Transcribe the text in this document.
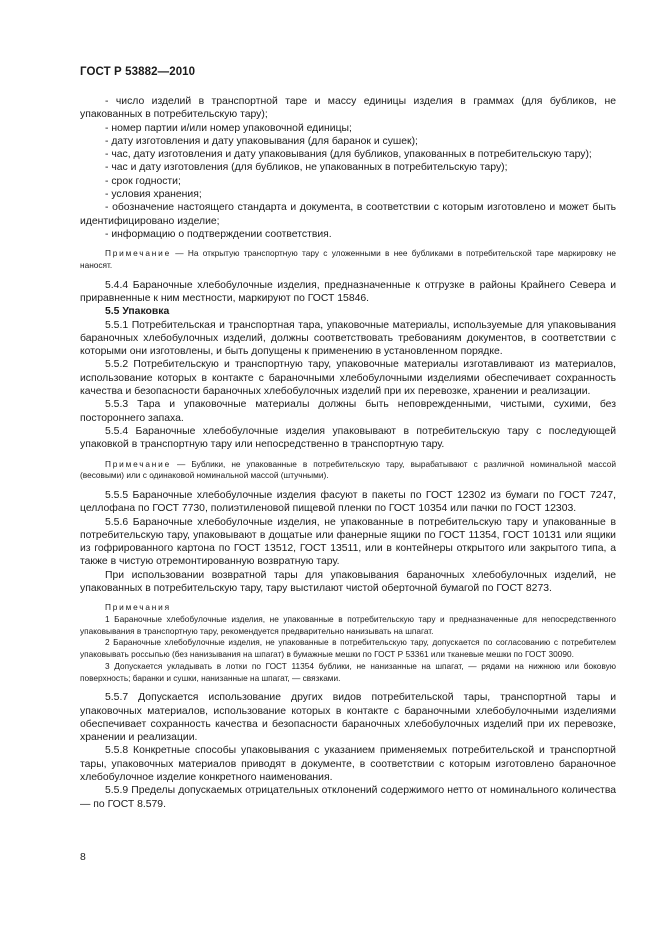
ГОСТ Р 53882—2010

- число изделий в транспортной таре и массу единицы изделия в граммах (для бубликов, не упакованных в потребительскую тару);

- номер партии и/или номер упаковочной единицы;

- дату изготовления и дату упаковывания (для баранок и сушек);

- час, дату изготовления и дату упаковывания (для бубликов, упакованных в потребительскую тару);

- час и дату изготовления (для бубликов, не упакованных в потребительскую тару);

- срок годности;

- условия хранения;

- обозначение настоящего стандарта и документа, в соответствии с которым изготовлено и может быть идентифицировано изделие;

- информацию о подтверждении соответствия.

Примечание — На открытую транспортную тару с уложенными в нее бубликами в потребительской таре маркировку не наносят.

5.4.4 Бараночные хлебобулочные изделия, предназначенные к отгрузке в районы Крайнего Севера и приравненные к ним местности, маркируют по ГОСТ 15846.

5.5 Упаковка

5.5.1 Потребительская и транспортная тара, упаковочные материалы, используемые для упаковывания бараночных хлебобулочных изделий, должны соответствовать требованиям документов, в соответствии с которыми они изготовлены, и быть допущены к применению в установленном порядке.

5.5.2 Потребительскую и транспортную тару, упаковочные материалы изготавливают из материалов, использование которых в контакте с бараночными хлебобулочными изделиями обеспечивает сохранность качества и безопасности бараночных хлебобулочных изделий при их перевозке, хранении и реализации.

5.5.3 Тара и упаковочные материалы должны быть неповрежденными, чистыми, сухими, без постороннего запаха.

5.5.4 Бараночные хлебобулочные изделия упаковывают в потребительскую тару с последующей упаковкой в транспортную тару или непосредственно в транспортную тару.

Примечание — Бублики, не упакованные в потребительскую тару, вырабатывают с различной номинальной массой (весовыми) или с одинаковой номинальной массой (штучными).

5.5.5 Бараночные хлебобулочные изделия фасуют в пакеты по ГОСТ 12302 из бумаги по ГОСТ 7247, целлофана по ГОСТ 7730, полиэтиленовой пищевой пленки по ГОСТ 10354 или пачки по ГОСТ 12303.

5.5.6 Бараночные хлебобулочные изделия, не упакованные в потребительскую тару и упакованные в потребительскую тару, упаковывают в дощатые или фанерные ящики по ГОСТ 11354, ГОСТ 10131 или ящики из гофрированного картона по ГОСТ 13512, ГОСТ 13511, или в контейнеры открытого или закрытого типа, а также в чистую отремонтированную возвратную тару.

При использовании возвратной тары для упаковывания бараночных хлебобулочных изделий, не упакованных в потребительскую тару, тару выстилают чистой оберточной бумагой по ГОСТ 8273.

Примечания

1 Бараночные хлебобулочные изделия, не упакованные в потребительскую тару и предназначенные для непосредственного упаковывания в транспортную тару, рекомендуется предварительно нанизывать на шпагат.

2 Бараночные хлебобулочные изделия, не упакованные в потребительскую тару, допускается по согласованию с потребителем упаковывать россыпью (без нанизывания на шпагат) в бумажные мешки по ГОСТ Р 53361 или тканевые мешки по ГОСТ 30090.

3 Допускается укладывать в лотки по ГОСТ 11354 бублики, не нанизанные на шпагат, — рядами на нижнюю или боковую поверхность; баранки и сушки, нанизанные на шпагат, — связками.

5.5.7 Допускается использование других видов потребительской тары, транспортной тары и упаковочных материалов, использование которых в контакте с бараночными хлебобулочными изделиями обеспечивает сохранность качества и безопасности бараночных хлебобулочных изделий при их перевозке, хранении и реализации.

5.5.8 Конкретные способы упаковывания с указанием применяемых потребительской и транспортной тары, упаковочных материалов приводят в документе, в соответствии с которым изготовлено бараночное хлебобулочное изделие конкретного наименования.

5.5.9 Пределы допускаемых отрицательных отклонений содержимого нетто от номинального количества — по ГОСТ 8.579.

8
